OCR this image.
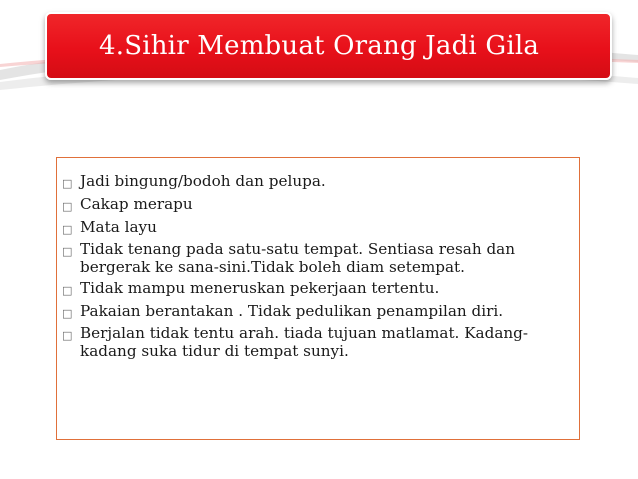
4.Sihir Membuat Orang Jadi Gila
□ Jadi bingung/bodoh dan pelupa.
□ Cakap merapu
□ Mata layu
□ Tidak tenang pada satu-satu tempat. Sentiasa resah dan bergerak ke sana-sini.Tidak boleh diam setempat.
□ Tidak mampu meneruskan pekerjaan tertentu.
□ Pakaian berantakan . Tidak pedulikan penampilan diri.
□ Berjalan tidak tentu arah. tiada tujuan matlamat. Kadang-kadang suka tidur di tempat sunyi.
